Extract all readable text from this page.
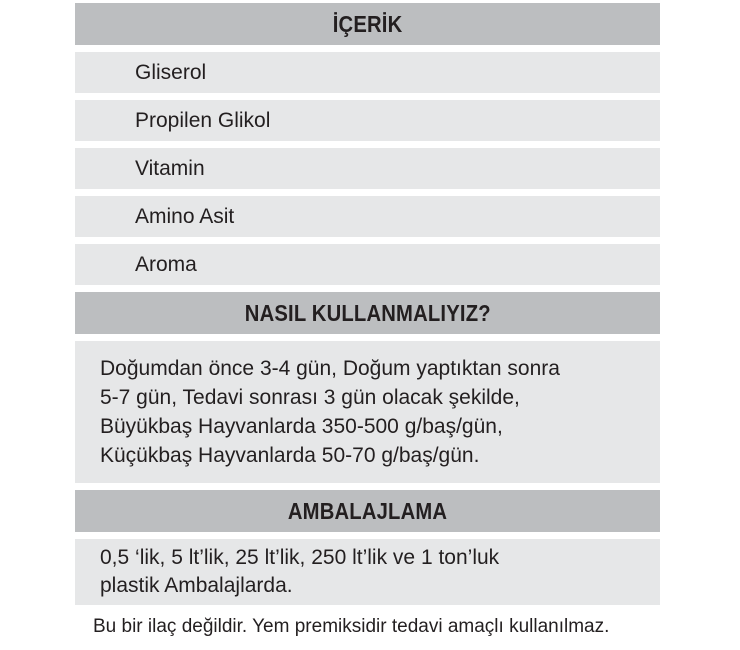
İÇERİK
Gliserol
Propilen Glikol
Vitamin
Amino Asit
Aroma
NASIL KULLANMALIYIZ?
Doğumdan önce 3-4 gün, Doğum yaptıktan sonra
5-7 gün, Tedavi sonrası 3 gün olacak şekilde,
Büyükbaş Hayvanlarda 350-500 g/baş/gün,
Küçükbaş Hayvanlarda 50-70 g/baş/gün.
AMBALAJLAMA
0,5 ‘lik, 5 lt’lik, 25 lt’lik, 250 lt’lik ve 1 ton’luk
plastik Ambalajlarda.
Bu bir ilaç değildir. Yem premiksidir tedavi amaçlı kullanılmaz.
